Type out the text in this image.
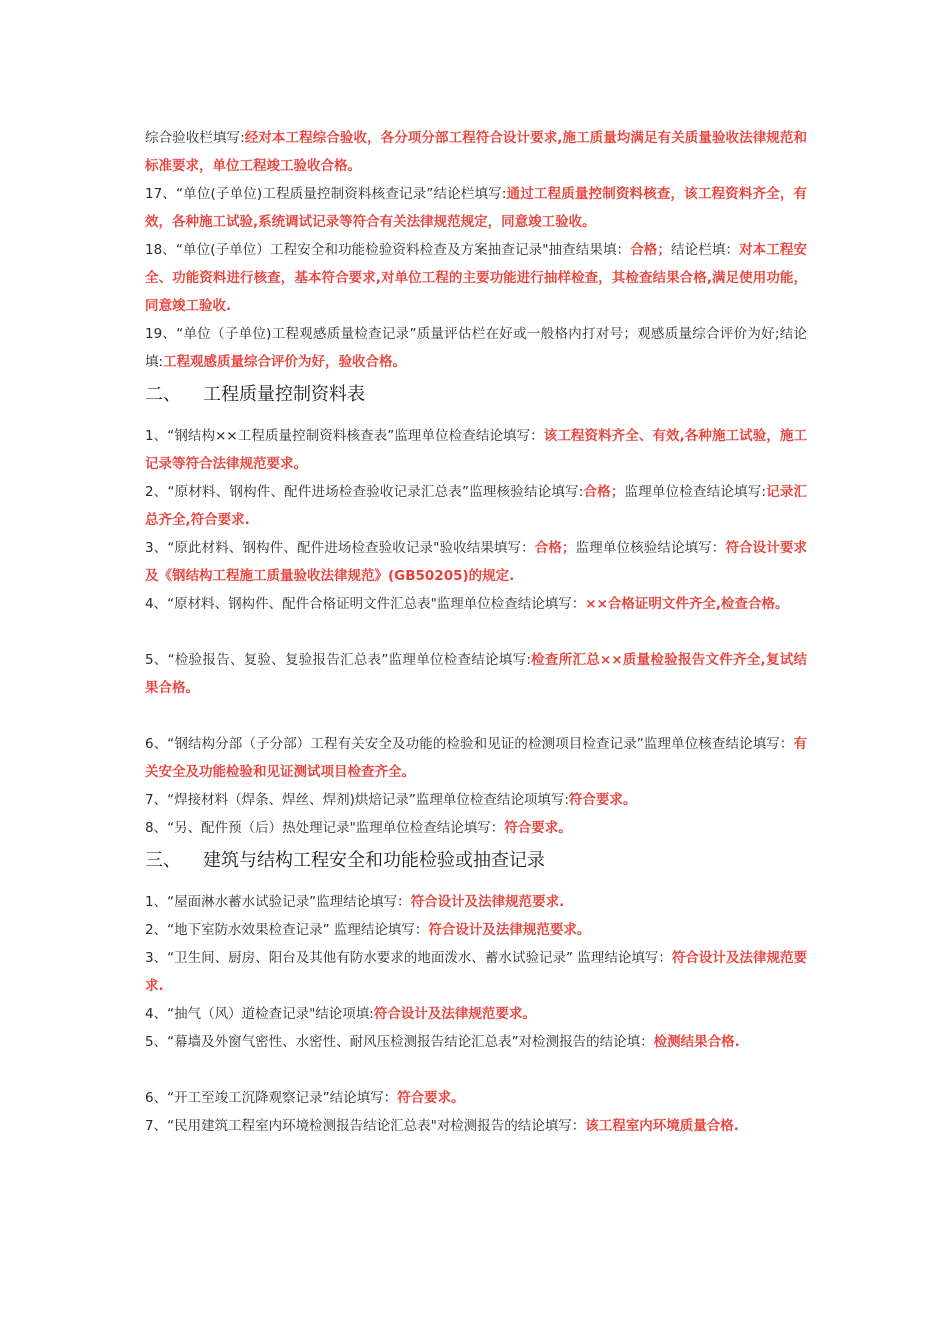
综合验收栏填写:经对本工程综合验收，各分项分部工程符合设计要求,施工质量均满足有关质量验收法律规范和标准要求，单位工程竣工验收合格。

17、“单位(子单位)工程质量控制资料核查记录”结论栏填写:通过工程质量控制资料核查，该工程资料齐全，有效，各种施工试验,系统调试记录等符合有关法律规范规定，同意竣工验收。

18、“单位(子单位）工程安全和功能检验资料检查及方案抽查记录"抽查结果填：合格；结论栏填：对本工程安全、功能资料进行核查，基本符合要求,对单位工程的主要功能进行抽样检查，其检查结果合格,满足使用功能，同意竣工验收.

19、“单位（子单位)工程观感质量检查记录”质量评估栏在好或一般格内打对号；观感质量综合评价为好;结论填:工程观感质量综合评价为好，验收合格。

二、 工程质量控制资料表

1、“钢结构××工程质量控制资料核查表”监理单位检查结论填写：该工程资料齐全、有效,各种施工试验，施工记录等符合法律规范要求。

2、“原材料、钢构件、配件进场检查验收记录汇总表”监理核验结论填写:合格；监理单位检查结论填写:记录汇总齐全,符合要求.

3、“原此材料、钢构件、配件进场检查验收记录"验收结果填写：合格；监理单位核验结论填写：符合设计要求及《钢结构工程施工质量验收法律规范》(GB50205)的规定.

4、“原材料、钢构件、配件合格证明文件汇总表"监理单位检查结论填写：××合格证明文件齐全,检查合格。

5、“检验报告、复验、复验报告汇总表”监理单位检查结论填写:检查所汇总××质量检验报告文件齐全,复试结果合格。

6、“钢结构分部（子分部）工程有关安全及功能的检验和见证的检测项目检查记录”监理单位核查结论填写：有关安全及功能检验和见证测试项目检查齐全。

7、“焊接材料（焊条、焊丝、焊剂)烘焙记录”监理单位检查结论项填写:符合要求。

8、“另、配件预（后）热处理记录"监理单位检查结论填写：符合要求。

三、 建筑与结构工程安全和功能检验或抽查记录

1、“屋面淋水蓄水试验记录”监理结论填写：符合设计及法律规范要求.

2、“地下室防水效果检查记录” 监理结论填写：符合设计及法律规范要求。

3、“卫生间、厨房、阳台及其他有防水要求的地面泼水、蓄水试验记录” 监理结论填写：符合设计及法律规范要求.

4、“抽气（风）道检查记录"结论项填:符合设计及法律规范要求。

5、“幕墙及外窗气密性、水密性、耐风压检测报告结论汇总表”对检测报告的结论填：检测结果合格.

6、“开工至竣工沉降观察记录”结论填写：符合要求。

7、“民用建筑工程室内环境检测报告结论汇总表"对检测报告的结论填写：该工程室内环境质量合格.
